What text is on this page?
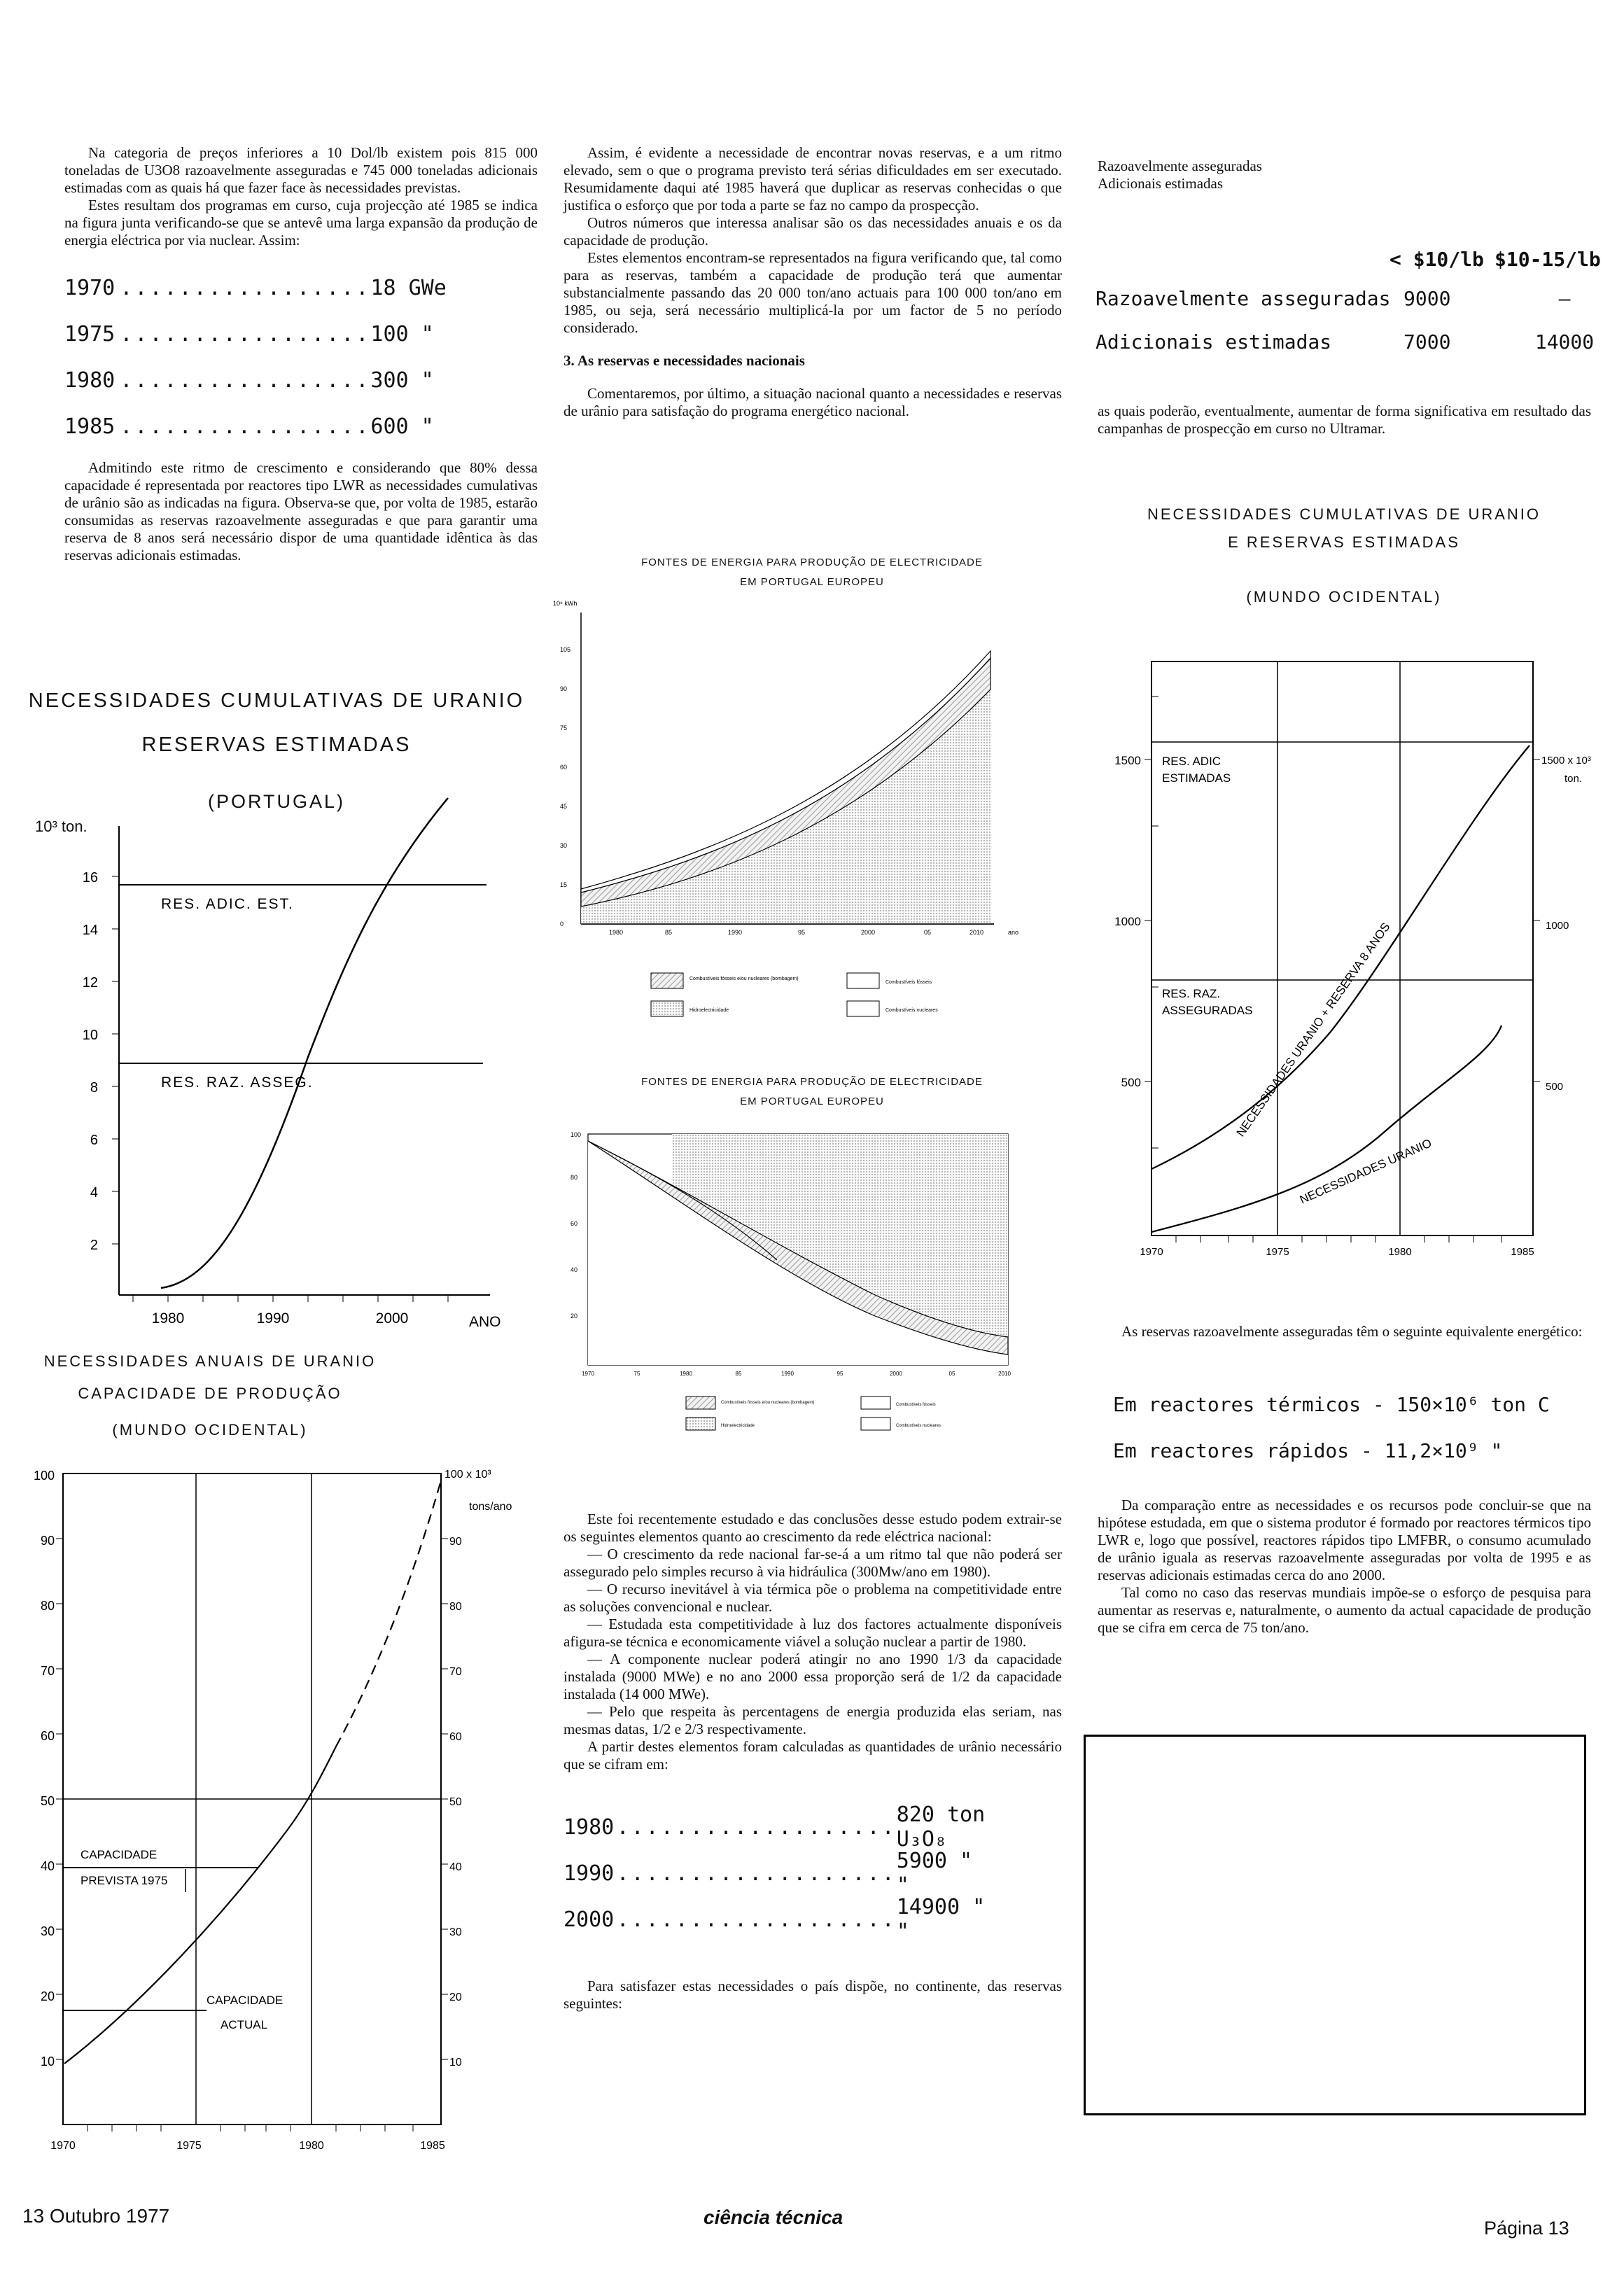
Na categoria de preços inferiores a 10 Dol/lb existem pois 815 000 toneladas de U3O8 razoavelmente asseguradas e 745 000 toneladas adicionais estimadas com as quais há que fazer face às necessidades previstas.

Estes resultam dos programas em curso, cuja projecção até 1985 se indica na figura junta verificando-se que se antevê uma larga expansão da produção de energia eléctrica por via nuclear. Assim:

1970 ................. 18 GWe
1975 ................. 100 "
1980 ................. 300 "
1985 ................. 600 "

Admitindo este ritmo de crescimento e considerando que 80% dessa capacidade é representada por reactores tipo LWR as necessidades cumulativas de urânio são as indicadas na figura. Observa-se que, por volta de 1985, estarão consumidas as reservas razoavelmente asseguradas e que para garantir uma reserva de 8 anos será necessário dispor de uma quantidade idêntica às das reservas adicionais estimadas.

NECESSIDADES CUMULATIVAS DE URANIO
RESERVAS ESTIMADAS
(PORTUGAL)
10³ ton.
2
4
6
8
10
12
14
16
1980	1990	2000	ANO
RES. ADIC. EST.
RES. RAZ. ASSEG.
NECESSIDADES ANUAIS DE URANIO
CAPACIDADE DE PRODUÇÃO
(MUNDO OCIDENTAL)
10
20
30
40
50
60
70
80
90
100
10
20
30
40
50
60
70
80
90
100 x 10³
tons/ano
1970	1975	1980	1985
CAPACIDADE
PREVISTA 1975
CAPACIDADE
ACTUAL

Assim, é evidente a necessidade de encontrar novas reservas, e a um ritmo elevado, sem o que o programa previsto terá sérias dificuldades em ser executado. Resumidamente daqui até 1985 haverá que duplicar as reservas conhecidas o que justifica o esforço que por toda a parte se faz no campo da prospecção.

Outros números que interessa analisar são os das necessidades anuais e os da capacidade de produção.

Estes elementos encontram-se representados na figura verificando que, tal como para as reservas, também a capacidade de produção terá que aumentar substancialmente passando das 20 000 ton/ano actuais para 100 000 ton/ano em 1985, ou seja, será necessário multiplicá-la por um factor de 5 no período considerado.

3. As reservas e necessidades nacionais

Comentaremos, por último, a situação nacional quanto a necessidades e reservas de urânio para satisfação do programa energético nacional.

FONTES DE ENERGIA PARA PRODUÇÃO DE ELECTRICIDADE
EM PORTUGAL EUROPEU
10⁹ kWh
0
15
30
45
60
75
90
105
1980	85	1990	95	2000	05	2010	ano
Combustíveis fósseis e/ou nucleares (bombagem)
Combustíveis fósseis
Hidroelectricidade	Combustíveis nucleares
FONTES DE ENERGIA PARA PRODUÇÃO DE ELECTRICIDADE
EM PORTUGAL EUROPEU
20
40
60
80
100
1970	75	1980	85	1990	95	2000	05	2010
Combustíveis fósseis e/ou nucleares (bombagem)	Combustíveis fósseis
Hidroelectricidade	Combustíveis nucleares

Este foi recentemente estudado e das conclusões desse estudo podem extrair-se os seguintes elementos quanto ao crescimento da rede eléctrica nacional:

— O crescimento da rede nacional far-se-á a um ritmo tal que não poderá ser assegurado pelo simples recurso à via hidráulica (300Mw/ano em 1980).

— O recurso inevitável à via térmica põe o problema na competitividade entre as soluções convencional e nuclear.

— Estudada esta competitividade à luz dos factores actualmente disponíveis afigura-se técnica e economicamente viável a solução nuclear a partir de 1980.

— A componente nuclear poderá atingir no ano 1990 1/3 da capacidade instalada (9000 MWe) e no ano 2000 essa proporção será de 1/2 da capacidade instalada (14 000 MWe).

— Pelo que respeita às percentagens de energia produzida elas seriam, nas mesmas datas, 1/2 e 2/3 respectivamente.

A partir destes elementos foram calculadas as quantidades de urânio necessário que se cifram em:

1980 ................... 820 ton U₃O₈
1990 ................... 5900 " "
2000 ................... 14900 " "

Para satisfazer estas necessidades o país dispõe, no continente, das reservas seguintes:

Razoavelmente asseguradas

Adicionais estimadas

< $10/lb $10-15/lb
Razoavelmente asseguradas 9000	—
Adicionais estimadas	7000	14000

as quais poderão, eventualmente, aumentar de forma significativa em resultado das campanhas de prospecção em curso no Ultramar.

NECESSIDADES CUMULATIVAS DE URANIO
E RESERVAS ESTIMADAS
(MUNDO OCIDENTAL)
1500
1000
500
1500 x 10³
ton.
1000
500
1970	1975	1980	1985
RES. ADIC
ESTIMADAS
RES. RAZ.
ASSEGURADAS
NECESSIDADES URANIO + RESERVA 8 ANOS
NECESSIDADES URANIO

As reservas razoavelmente asseguradas têm o seguinte equivalente energético:

Em reactores térmicos - 150×10⁶ ton C
Em reactores rápidos - 11,2×10⁹ "

Da comparação entre as necessidades e os recursos pode concluir-se que na hipótese estudada, em que o sistema produtor é formado por reactores térmicos tipo LWR e, logo que possível, reactores rápidos tipo LMFBR, o consumo acumulado de urânio iguala as reservas razoavelmente asseguradas por volta de 1995 e as reservas adicionais estimadas cerca do ano 2000.

Tal como no caso das reservas mundiais impõe-se o esforço de pesquisa para aumentar as reservas e, naturalmente, o aumento da actual capacidade de produção que se cifra em cerca de 75 ton/ano.

13 Outubro 1977	ciência técnica	Página 13
